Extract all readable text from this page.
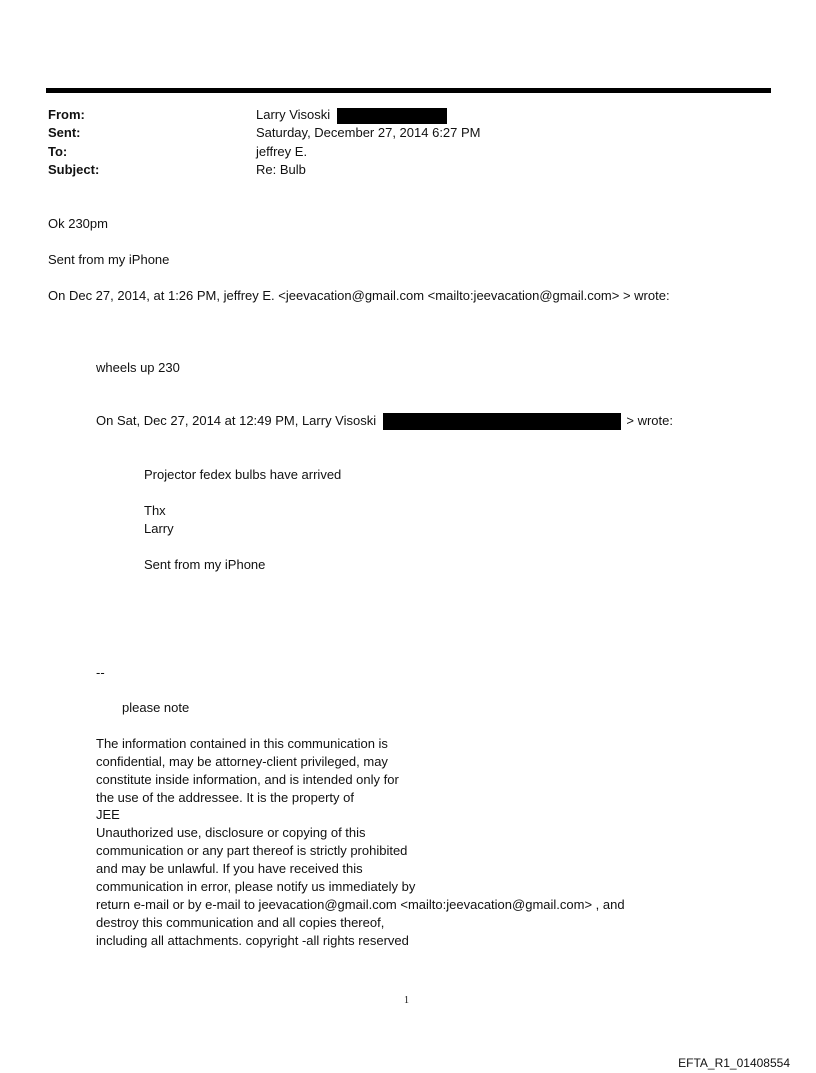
From:	Larry Visoski
Sent:	Saturday, December 27, 2014 6:27 PM
To:	jeffrey E.
Subject:	Re: Bulb
Ok 230pm
Sent from my iPhone
On Dec 27, 2014, at 1:26 PM, jeffrey E. <jeevacation@gmail.com <mailto:jeevacation@gmail.com> > wrote:
wheels up 230
On Sat, Dec 27, 2014 at 12:49 PM, Larry Visoski	> wrote:
Projector fedex bulbs have arrived
Thx
Larry
Sent from my iPhone
--
please note
The information contained in this communication is
confidential, may be attorney-client privileged, may
constitute inside information, and is intended only for
the use of the addressee. It is the property of
JEE
Unauthorized use, disclosure or copying of this
communication or any part thereof is strictly prohibited
and may be unlawful. If you have received this
communication in error, please notify us immediately by
return e-mail or by e-mail to jeevacation@gmail.com <mailto:jeevacation@gmail.com> , and
destroy this communication and all copies thereof,
including all attachments. copyright -all rights reserved
1
EFTA_R1_01408554
